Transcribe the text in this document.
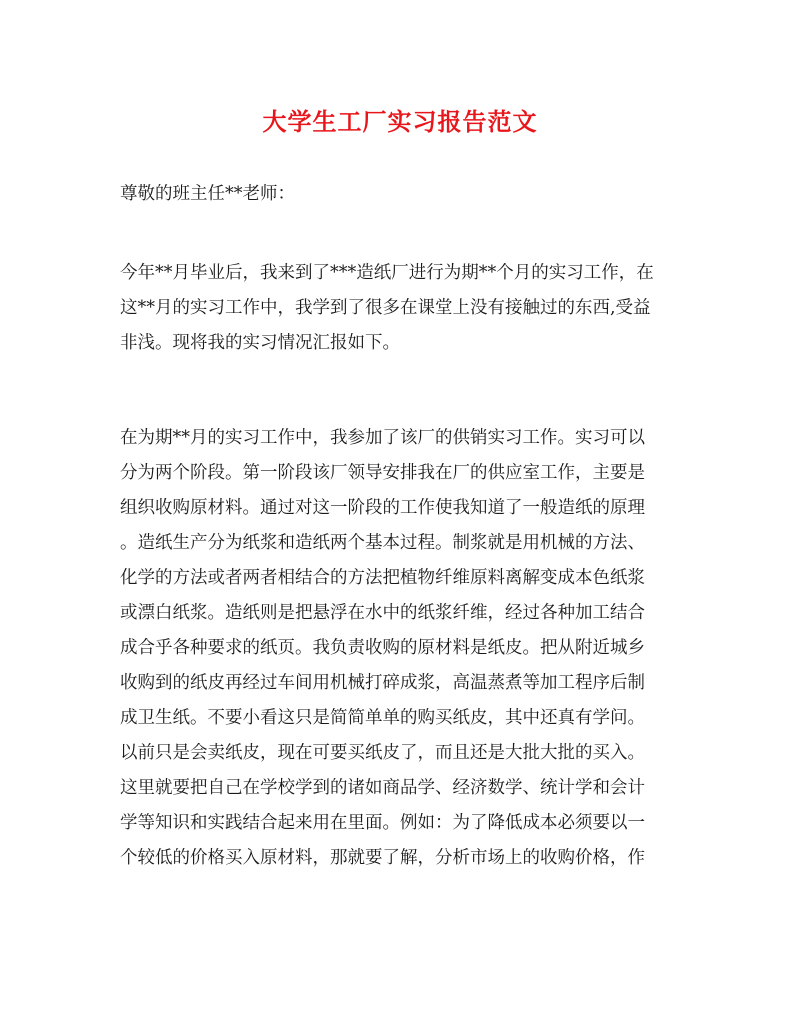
大学生工厂实习报告范文

尊敬的班主任**老师：

今年**月毕业后，我来到了***造纸厂进行为期**个月的实习工作，在
这**月的实习工作中，我学到了很多在课堂上没有接触过的东西,受益
非浅。现将我的实习情况汇报如下。
在为期**月的实习工作中，我参加了该厂的供销实习工作。实习可以
分为两个阶段。第一阶段该厂领导安排我在厂的供应室工作，主要是
组织收购原材料。通过对这一阶段的工作使我知道了一般造纸的原理
。造纸生产分为纸浆和造纸两个基本过程。制浆就是用机械的方法、
化学的方法或者两者相结合的方法把植物纤维原料离解变成本色纸浆
或漂白纸浆。造纸则是把悬浮在水中的纸浆纤维，经过各种加工结合
成合乎各种要求的纸页。我负责收购的原材料是纸皮。把从附近城乡
收购到的纸皮再经过车间用机械打碎成浆，高温蒸煮等加工程序后制
成卫生纸。不要小看这只是简简单单的购买纸皮，其中还真有学问。
以前只是会卖纸皮，现在可要买纸皮了，而且还是大批大批的买入。
这里就要把自己在学校学到的诸如商品学、经济数学、统计学和会计
学等知识和实践结合起来用在里面。例如：为了降低成本必须要以一
个较低的价格买入原材料，那就要了解，分析市场上的收购价格，作
